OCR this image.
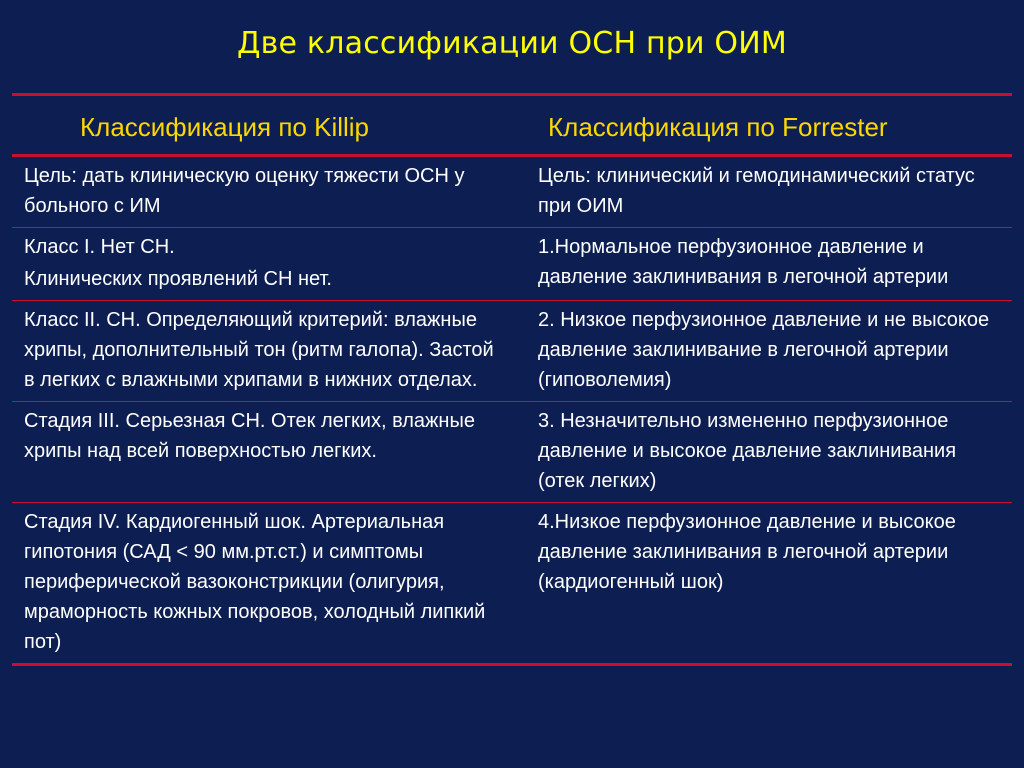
Две классификации ОСН при ОИМ
Классификация по Killip	Классификация по Forrester

Цель: дать клиническую оценку тяжести ОСН у больного с ИМ	Цель: клинический и гемодинамический статус при ОИМ

Класс I. Нет СН.
Клинических проявлений СН нет.	1.Нормальное перфузионное давление и давление заклинивания в легочной артерии

Класс II. СН. Определяющий критерий: влажные хрипы, дополнительный тон (ритм галопа). Застой в легких с влажными хрипами в нижних отделах.	2. Низкое перфузионное давление и не высокое давление заклинивание в легочной артерии (гиповолемия)

Стадия III. Серьезная СН. Отек легких, влажные хрипы над всей поверхностью легких.	3. Незначительно измененно перфузионное давление и высокое давление заклинивания (отек легких)

Стадия IV. Кардиогенный шок. Артериальная гипотония (САД < 90 мм.рт.ст.) и симптомы периферической вазоконстрикции (олигурия, мраморность кожных покровов, холодный липкий пот)	4.Низкое перфузионное давление и высокое давление заклинивания в легочной артерии (кардиогенный шок)
